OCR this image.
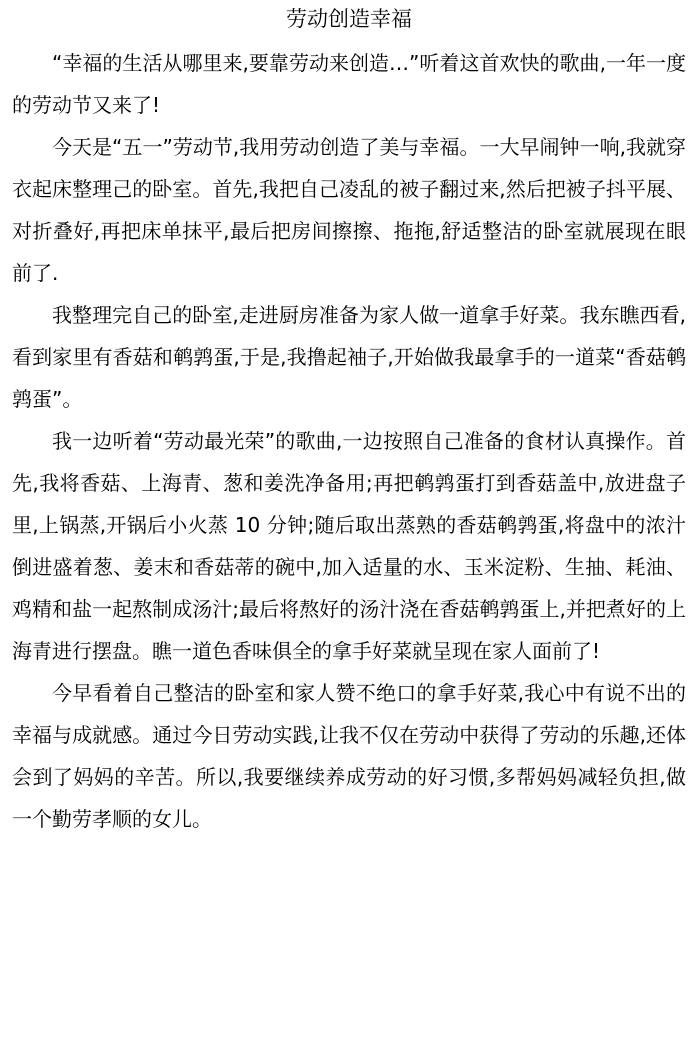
劳动创造幸福

“幸福的生活从哪里来,要靠劳动来创造…”听着这首欢快的歌曲,一年一度的劳动节又来了!

今天是“五一”劳动节,我用劳动创造了美与幸福。一大早闹钟一响,我就穿衣起床整理己的卧室。首先,我把自己凌乱的被子翻过来,然后把被子抖平展、对折叠好,再把床单抹平,最后把房间擦擦、拖拖,舒适整洁的卧室就展现在眼前了.

我整理完自己的卧室,走进厨房准备为家人做一道拿手好菜。我东瞧西看,看到家里有香菇和鹌鹑蛋,于是,我撸起袖子,开始做我最拿手的一道菜“香菇鹌鹑蛋”。

我一边听着“劳动最光荣”的歌曲,一边按照自己准备的食材认真操作。首先,我将香菇、上海青、葱和姜洗净备用;再把鹌鹑蛋打到香菇盖中,放进盘子里,上锅蒸,开锅后小火蒸 10 分钟;随后取出蒸熟的香菇鹌鹑蛋,将盘中的浓汁倒进盛着葱、姜末和香菇蒂的碗中,加入适量的水、玉米淀粉、生抽、耗油、鸡精和盐一起熬制成汤汁;最后将熬好的汤汁浇在香菇鹌鹑蛋上,并把煮好的上海青进行摆盘。瞧一道色香味俱全的拿手好菜就呈现在家人面前了!

今早看着自己整洁的卧室和家人赞不绝口的拿手好菜,我心中有说不出的幸福与成就感。通过今日劳动实践,让我不仅在劳动中获得了劳动的乐趣,还体会到了妈妈的辛苦。所以,我要继续养成劳动的好习惯,多帮妈妈减轻负担,做一个勤劳孝顺的女儿。
